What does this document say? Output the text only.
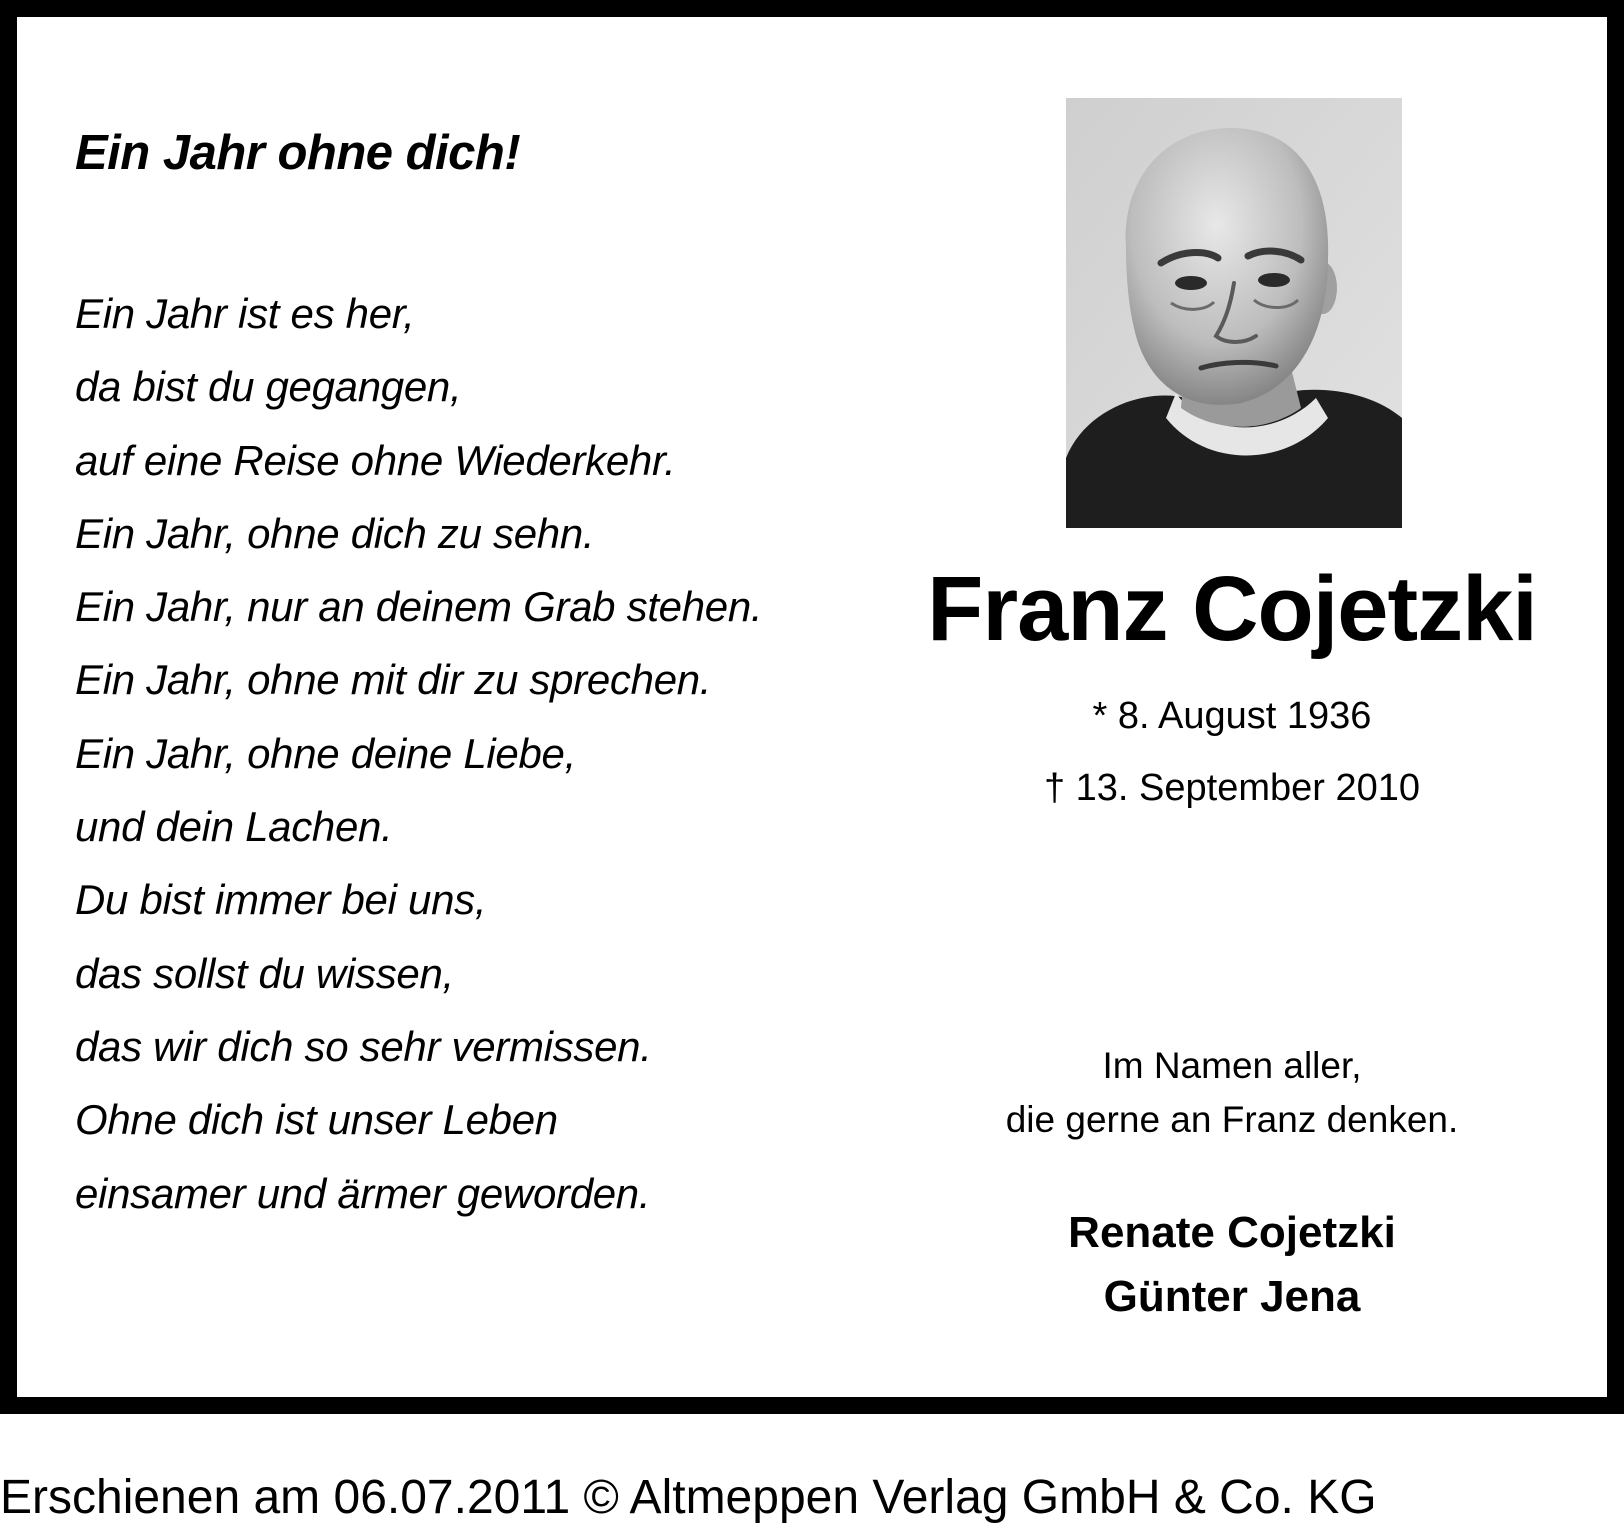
Ein Jahr ohne dich!
Ein Jahr ist es her,
da bist du gegangen,
auf eine Reise ohne Wiederkehr.
Ein Jahr, ohne dich zu sehn.
Ein Jahr, nur an deinem Grab stehen.
Ein Jahr, ohne mit dir zu sprechen.
Ein Jahr, ohne deine Liebe,
und dein Lachen.
Du bist immer bei uns,
das sollst du wissen,
das wir dich so sehr vermissen.
Ohne dich ist unser Leben
einsamer und ärmer geworden.
Franz Cojetzki
* 8. August 1936
† 13. September 2010
Im Namen aller,
die gerne an Franz denken.
Renate Cojetzki
Günter Jena
Erschienen am 06.07.2011 © Altmeppen Verlag GmbH & Co. KG
